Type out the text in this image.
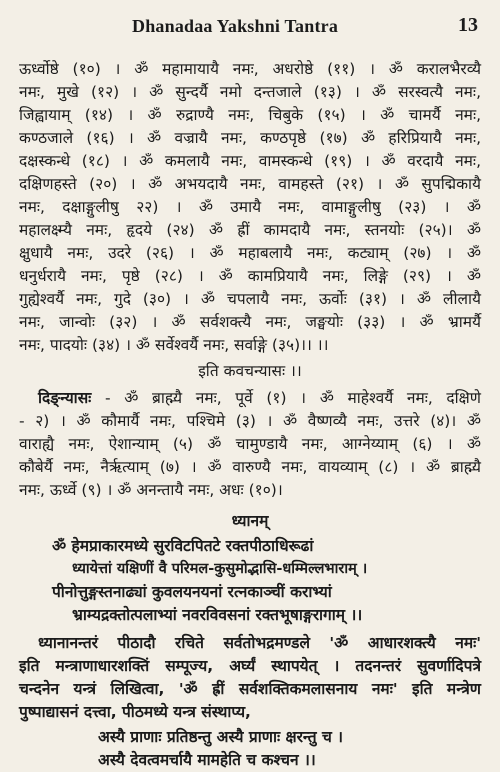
Dhanadaa Yakshni Tantra	13
ऊर्ध्वोष्ठे (१०) । ॐ महामायायै नमः, अधरोष्ठे (११) । ॐ करालभैरव्यै
नमः, मुखे (१२) । ॐ सुन्दर्यै नमो दन्तजाले (१३) । ॐ सरस्वत्यै नमः,
जिह्वायाम् (१४) । ॐ रुद्राण्यै नमः, चिबुके (१५) । ॐ चामर्यै नमः,
कण्ठजाले (१६) । ॐ वज्रायै नमः, कण्ठपृष्ठे (१७) ॐ हरिप्रियायै नमः,
दक्षस्कन्धे (१८) । ॐ कमलायै नमः, वामस्कन्धे (१९) । ॐ वरदायै नमः,
दक्षिणहस्ते (२०) । ॐ अभयदायै नमः, वामहस्ते (२१) । ॐ सुपद्मिकायै
नमः, दक्षाङ्गुलीषु २२) । ॐ उमायै नमः, वामाङ्गुलीषु (२३) । ॐ
महालक्ष्म्यै नमः, हृदये (२४) ॐ ह्रीं कामदायै नमः, स्तनयोः (२५)। ॐ
क्षुधायै नमः, उदरे (२६) । ॐ महाबलायै नमः, कट्याम् (२७) । ॐ
धनुर्धरायै नमः, पृष्ठे (२८) । ॐ कामप्रियायै नमः, लिङ्गे (२९) । ॐ
गुह्येश्वर्यै नमः, गुदे (३०) । ॐ चपलायै नमः, ऊर्वोः (३१) । ॐ लीलायै
नमः, जान्वोः (३२) । ॐ सर्वशक्त्यै नमः, जङ्घयोः (३३) । ॐ भ्रामर्यै
नमः, पादयोः (३४) । ॐ सर्वेश्वर्यै नमः, सर्वाङ्गे (३५)।। ।।
इति कवचन्यासः ।।
दिङ्न्यासः - ॐ ब्राह्म्यै नमः, पूर्वे (१) । ॐ माहेश्वर्यै नमः, दक्षिणे
- २) । ॐ कौमार्यै नमः, पश्चिमे (३) । ॐ वैष्णव्यै नमः, उत्तरे (४)। ॐ
वाराह्यै नमः, ऐशान्याम् (५) ॐ चामुण्डायै नमः, आग्नेय्याम् (६) । ॐ
कौबेर्यै नमः, नैर्ऋत्याम् (७) । ॐ वारुण्यै नमः, वायव्याम् (८) । ॐ ब्राह्म्यै
नमः, ऊर्ध्वे (९) । ॐ अनन्तायै नमः, अधः (१०)।
ध्यानम्
ॐ हेमप्राकारमध्ये सुरविटपितटे रक्तपीठाधिरूढां
ध्यायेत्तां यक्षिणीं वै परिमल-कुसुमोद्भासि-धम्मिल्लभाराम् ।
पीनोत्तुङ्गस्तनाढ्यां कुवलयनयनां रत्नकाञ्चीं कराभ्यां
भ्राम्यद्रक्तोत्पलाभ्यां नवरविवसनां रक्तभूषाङ्गरागाम् ।।
ध्यानानन्तरं पीठादौ रचिते सर्वतोभद्रमण्डले 'ॐ आधारशक्त्यै नमः'
इति मन्त्राणाधारशक्तिं सम्पूज्य, अर्घ्यं स्थापयेत् । तदनन्तरं सुवर्णादिपत्रे
चन्दनेन यन्त्रं लिखित्वा, 'ॐ ह्रीं सर्वशक्तिकमलासनाय नमः' इति मन्त्रेण
पुष्पाद्यासनं दत्त्वा, पीठमध्ये यन्त्र संस्थाप्य,
अस्यै प्राणाः प्रतिष्ठन्तु अस्यै प्राणाः क्षरन्तु च ।
अस्यै देवत्वमर्चायै मामहेति च कश्चन ।।
